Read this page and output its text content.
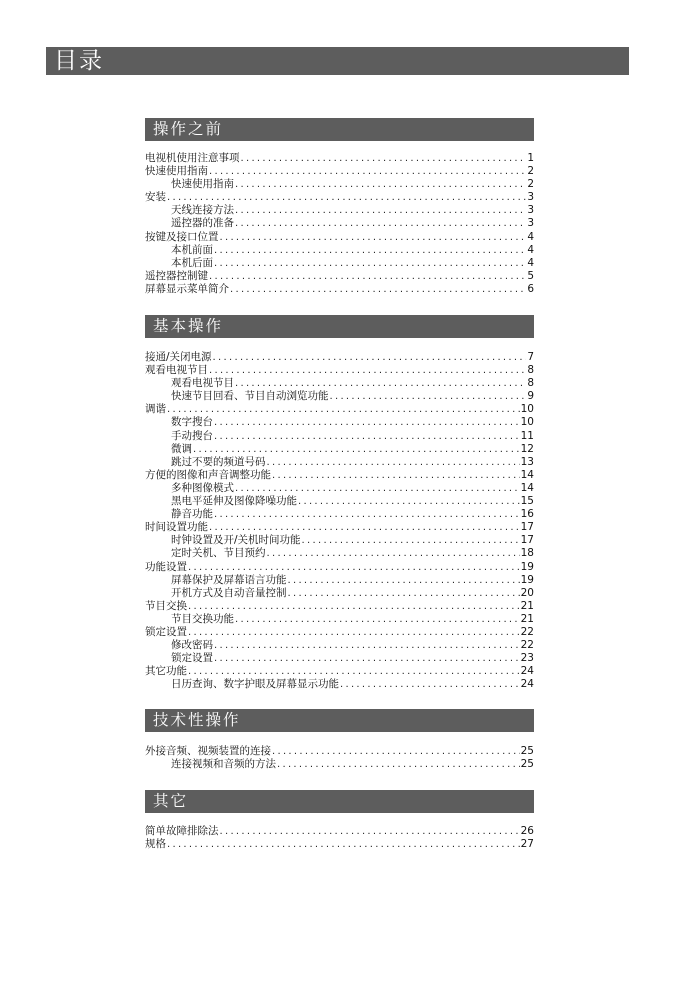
目录
操作之前
电视机使用注意事项 .....	1
快速使用指南 .....	2
快速使用指南 .....	2
安装 .....	3
天线连接方法 .....	3
遥控器的准备 .....	3
按键及接口位置 .....	4
本机前面 .....	4
本机后面 .....	4
遥控器控制键 .....	5
屏幕显示菜单简介 .....	6
基本操作
接通/关闭电源 .....	7
观看电视节目 .....	8
观看电视节目 .....	8
快速节目回看、节目自动浏览功能 .....	9
调谐 .....	10
数字搜台 .....	10
手动搜台 .....	11
微调 .....	12
跳过不要的频道号码 .....	13
方便的图像和声音调整功能 .....	14
多种图像模式 .....	14
黑电平延伸及图像降噪功能 .....	15
静音功能 .....	16
时间设置功能 .....	17
时钟设置及开/关机时间功能 .....	17
定时关机、节目预约 .....	18
功能设置 .....	19
屏幕保护及屏幕语言功能 .....	19
开机方式及自动音量控制 .....	20
节目交换 .....	21
节目交换功能 .....	21
锁定设置 .....	22
修改密码 .....	22
锁定设置 .....	23
其它功能 .....	24
日历查询、数字护眼及屏幕显示功能 .....	24
技术性操作
外接音频、视频装置的连接 .....	25
连接视频和音频的方法 .....	25
其它
简单故障排除法 .....	26
规格 .....	27
